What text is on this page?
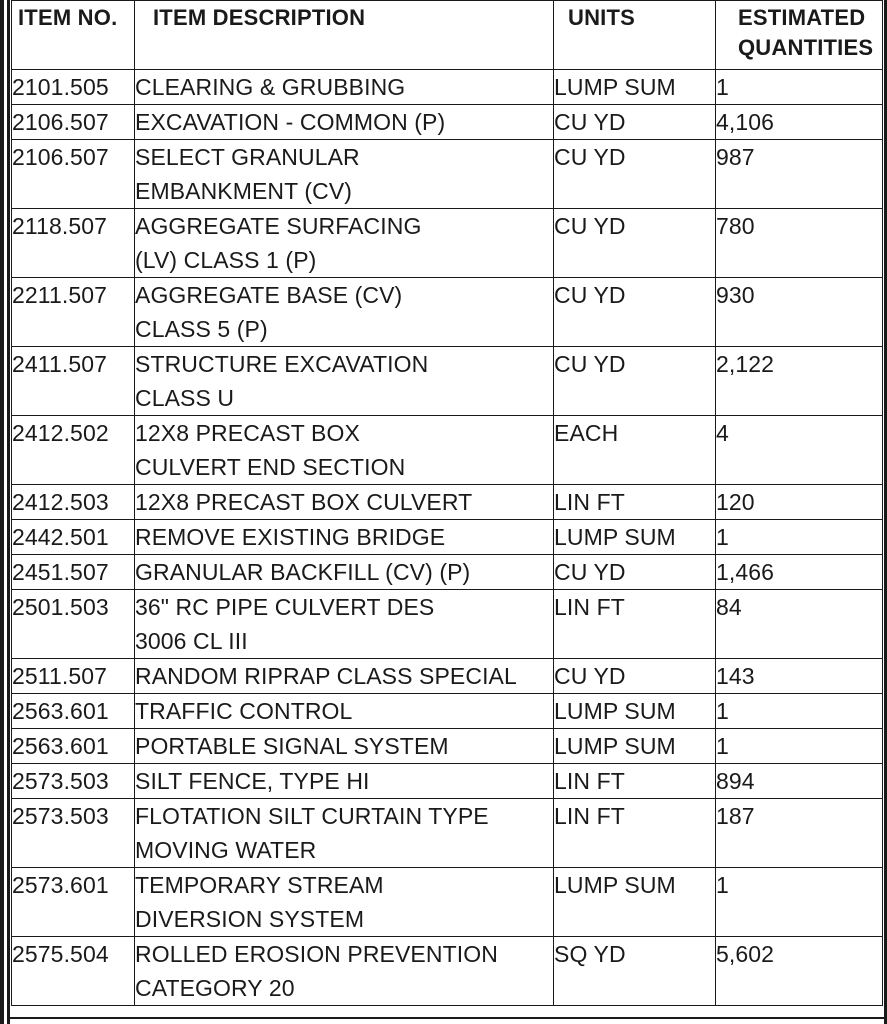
ITEM NO.	ITEM DESCRIPTION	UNITS	ESTIMATED
QUANTITIES

2101.505	CLEARING & GRUBBING	LUMP SUM	1
2106.507	EXCAVATION - COMMON (P)	CU YD	4,106
2106.507	SELECT GRANULAR
EMBANKMENT (CV)	CU YD	987
2118.507	AGGREGATE SURFACING
(LV) CLASS 1 (P)	CU YD	780
2211.507	AGGREGATE BASE (CV)
CLASS 5 (P)	CU YD	930
2411.507	STRUCTURE EXCAVATION
CLASS U	CU YD	2,122
2412.502	12X8 PRECAST BOX
CULVERT END SECTION	EACH	4
2412.503	12X8 PRECAST BOX CULVERT	LIN FT	120
2442.501	REMOVE EXISTING BRIDGE	LUMP SUM	1
2451.507	GRANULAR BACKFILL (CV) (P)	CU YD	1,466
2501.503	36" RC PIPE CULVERT DES
3006 CL III	LIN FT	84
2511.507	RANDOM RIPRAP CLASS SPECIAL	CU YD	143
2563.601	TRAFFIC CONTROL	LUMP SUM	1
2563.601	PORTABLE SIGNAL SYSTEM	LUMP SUM	1
2573.503	SILT FENCE, TYPE HI	LIN FT	894
2573.503	FLOTATION SILT CURTAIN TYPE
MOVING WATER	LIN FT	187
2573.601	TEMPORARY STREAM
DIVERSION SYSTEM	LUMP SUM	1
2575.504	ROLLED EROSION PREVENTION
CATEGORY 20	SQ YD	5,602
